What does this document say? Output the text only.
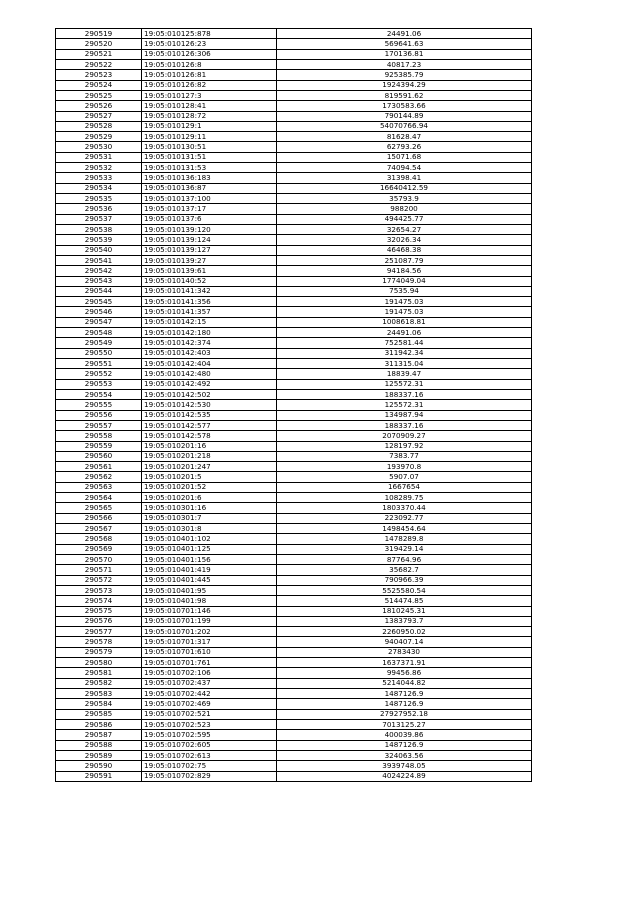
290519	19:05:010125:878	24491.06
290520	19:05:010126:23	569641.63
290521	19:05:010126:306	170136.81
290522	19:05:010126:8	40817.23
290523	19:05:010126:81	925385.79
290524	19:05:010126:82	1924394.29
290525	19:05:010127:3	819591.62
290526	19:05:010128:41	1730583.66
290527	19:05:010128:72	790144.89
290528	19:05:010129:1	54070766.94
290529	19:05:010129:11	81628.47
290530	19:05:010130:51	62793.26
290531	19:05:010131:51	15071.68
290532	19:05:010131:53	74094.54
290533	19:05:010136:183	31398.41
290534	19:05:010136:87	16640412.59
290535	19:05:010137:100	35793.9
290536	19:05:010137:17	988200
290537	19:05:010137:6	494425.77
290538	19:05:010139:120	32654.27
290539	19:05:010139:124	32026.34
290540	19:05:010139:127	46468.38
290541	19:05:010139:27	251087.79
290542	19:05:010139:61	94184.56
290543	19:05:010140:52	1774049.04
290544	19:05:010141:342	7535.94
290545	19:05:010141:356	191475.03
290546	19:05:010141:357	191475.03
290547	19:05:010142:15	1008618.81
290548	19:05:010142:180	24491.06
290549	19:05:010142:374	752581.44
290550	19:05:010142:403	311942.34
290551	19:05:010142:404	311315.04
290552	19:05:010142:480	18839.47
290553	19:05:010142:492	125572.31
290554	19:05:010142:502	188337.16
290555	19:05:010142:530	125572.31
290556	19:05:010142:535	134987.94
290557	19:05:010142:577	188337.16
290558	19:05:010142:578	2070909.27
290559	19:05:010201:16	128197.92
290560	19:05:010201:218	7383.77
290561	19:05:010201:247	193970.8
290562	19:05:010201:5	5907.07
290563	19:05:010201:52	1667654
290564	19:05:010201:6	108289.75
290565	19:05:010301:16	1803370.44
290566	19:05:010301:7	223092.77
290567	19:05:010301:8	1498454.64
290568	19:05:010401:102	1478289.8
290569	19:05:010401:125	319429.14
290570	19:05:010401:156	87764.96
290571	19:05:010401:419	35682.7
290572	19:05:010401:445	790966.39
290573	19:05:010401:95	5525580.54
290574	19:05:010401:98	514474.85
290575	19:05:010701:146	1810245.31
290576	19:05:010701:199	1383793.7
290577	19:05:010701:202	2260950.02
290578	19:05:010701:317	940407.14
290579	19:05:010701:610	2783430
290580	19:05:010701:761	1637371.91
290581	19:05:010702:106	99456.86
290582	19:05:010702:437	5214044.82
290583	19:05:010702:442	1487126.9
290584	19:05:010702:469	1487126.9
290585	19:05:010702:521	27927952.18
290586	19:05:010702:523	7013125.27
290587	19:05:010702:595	400039.86
290588	19:05:010702:605	1487126.9
290589	19:05:010702:613	324063.56
290590	19:05:010702:75	3939748.05
290591	19:05:010702:829	4024224.89
